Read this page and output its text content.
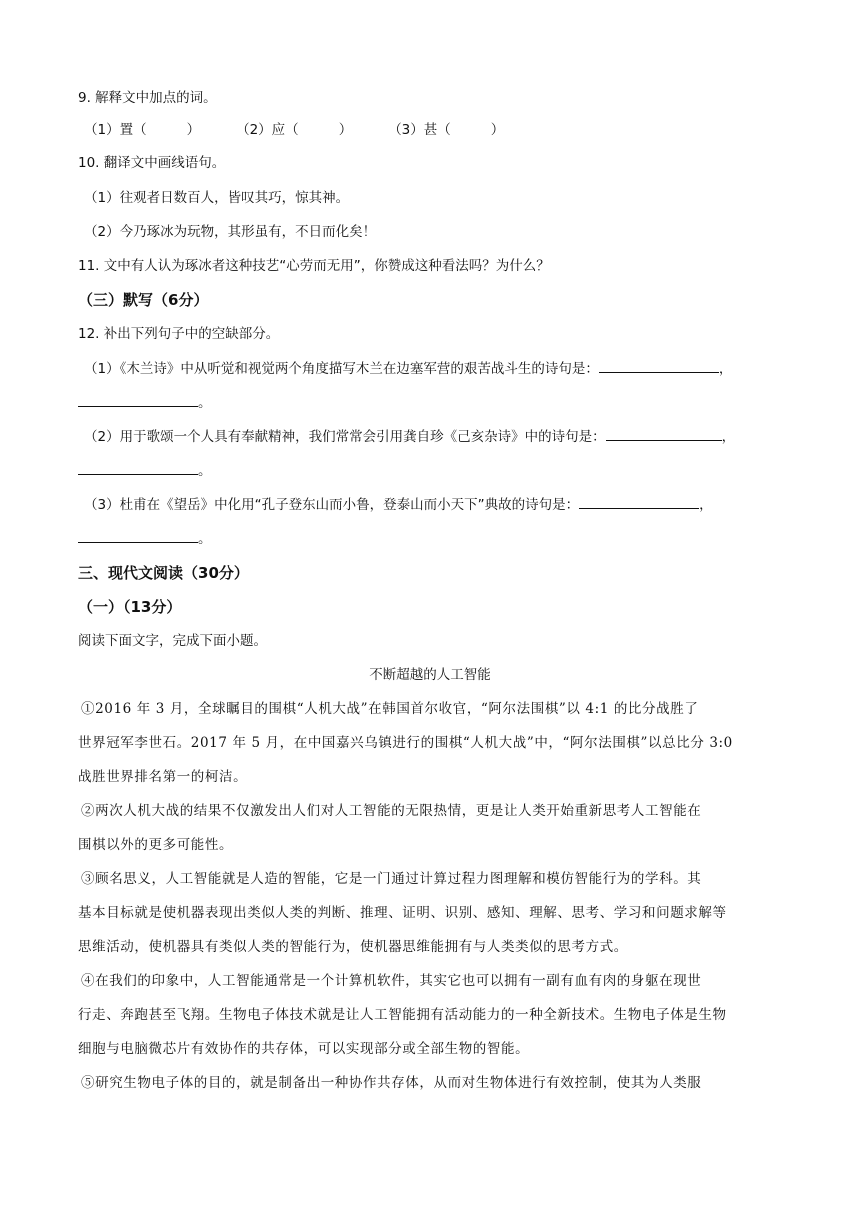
9. 解释文中加点的词。
（1）置（	）	（2）应（	）	（3）甚（	）
10. 翻译文中画线语句。
（1）往观者日数百人，皆叹其巧，惊其神。
（2）今乃琢冰为玩物，其形虽有，不日而化矣！
11. 文中有人认为琢冰者这种技艺“心劳而无用”，你赞成这种看法吗？为什么？
（三）默写（6分）
12. 补出下列句子中的空缺部分。
（1）《木兰诗》中从听觉和视觉两个角度描写木兰在边塞军营的艰苦战斗生的诗句是：	，
。
（2）用于歌颂一个人具有奉献精神，我们常常会引用龚自珍《己亥杂诗》中的诗句是：	，
。
（3）杜甫在《望岳》中化用“孔子登东山而小鲁，登泰山而小天下”典故的诗句是：	，
。
三、现代文阅读（30分）
（一）（13分）
阅读下面文字，完成下面小题。
不断超越的人工智能
①2016 年 3 月，全球瞩目的围棋“人机大战”在韩国首尔收官，“阿尔法围棋”以 4:1 的比分战胜了
世界冠军李世石。2017 年 5 月，在中国嘉兴乌镇进行的围棋“人机大战”中，“阿尔法围棋”以总比分 3:0
战胜世界排名第一的柯洁。
②两次人机大战的结果不仅激发出人们对人工智能的无限热情，更是让人类开始重新思考人工智能在
围棋以外的更多可能性。
③顾名思义，人工智能就是人造的智能，它是一门通过计算过程力图理解和模仿智能行为的学科。其
基本目标就是使机器表现出类似人类的判断、推理、证明、识别、感知、理解、思考、学习和问题求解等
思维活动，使机器具有类似人类的智能行为，使机器思维能拥有与人类类似的思考方式。
④在我们的印象中，人工智能通常是一个计算机软件，其实它也可以拥有一副有血有肉的身躯在现世
行走、奔跑甚至飞翔。生物电子体技术就是让人工智能拥有活动能力的一种全新技术。生物电子体是生物
细胞与电脑微芯片有效协作的共存体，可以实现部分或全部生物的智能。
⑤研究生物电子体的目的，就是制备出一种协作共存体，从而对生物体进行有效控制，使其为人类服
